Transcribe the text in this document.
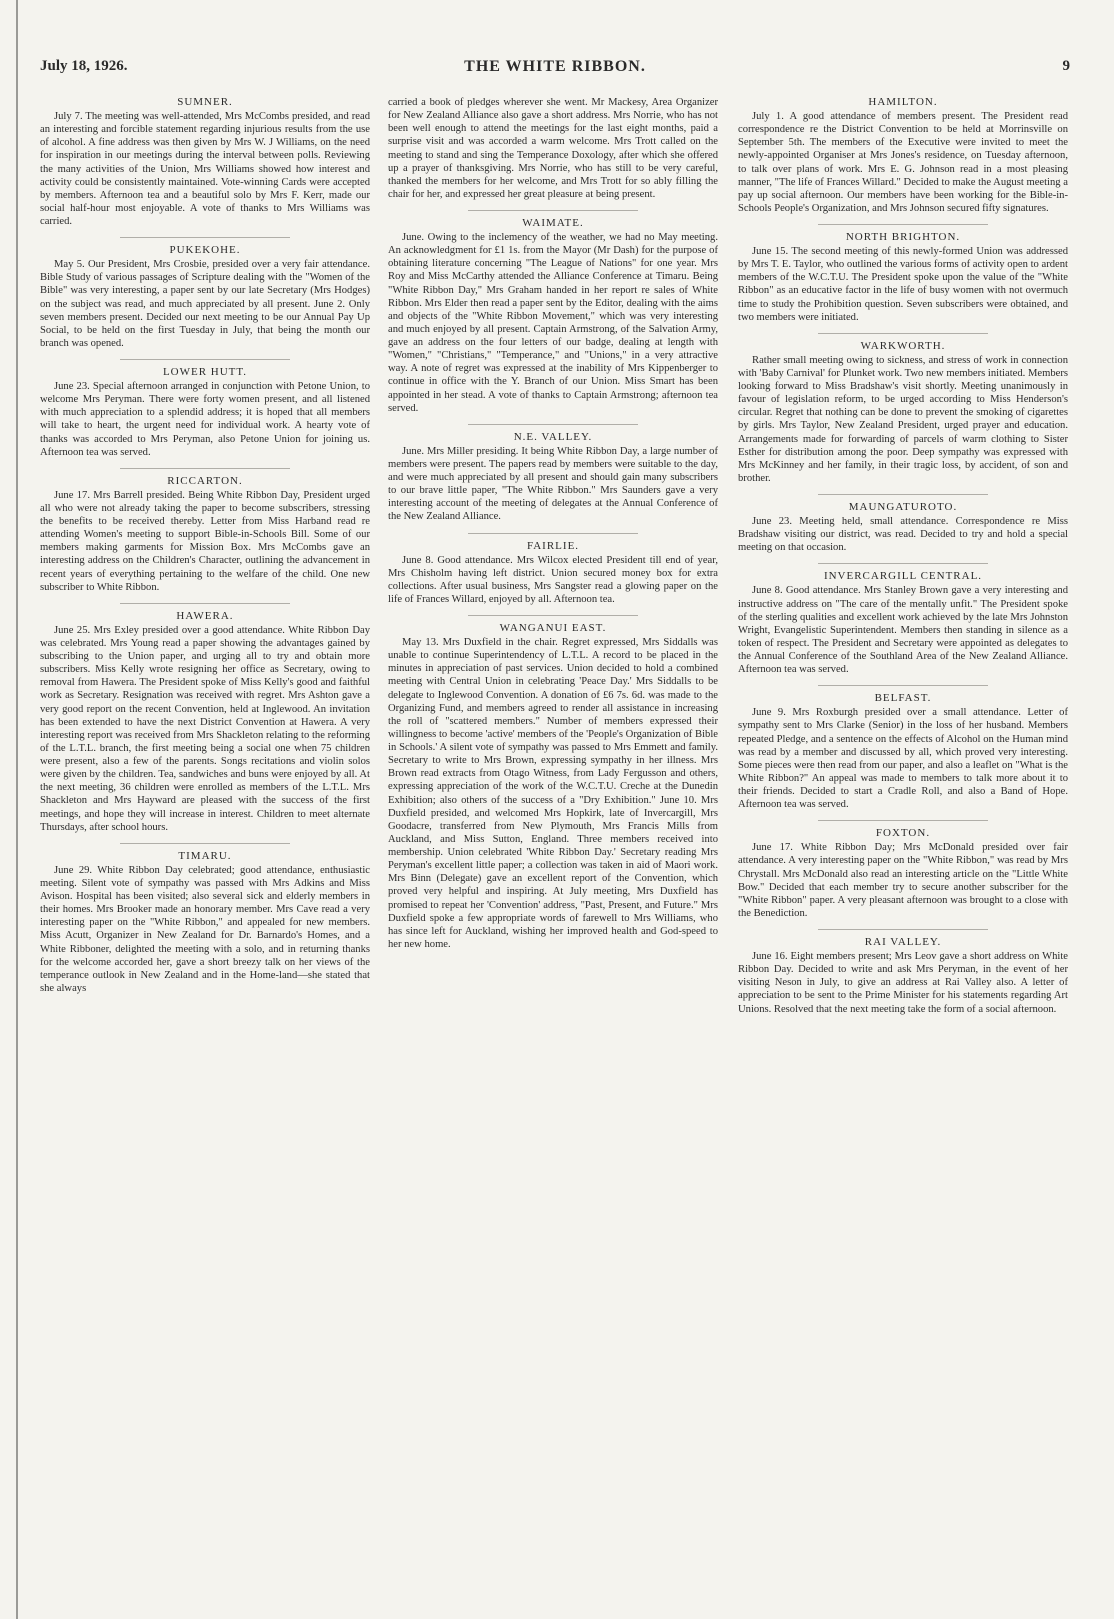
July 18, 1926.	THE WHITE RIBBON.	9
SUMNER.

July 7. The meeting was well-attended, Mrs McCombs presided, and read an interesting and forcible statement regarding injurious results from the use of alcohol. A fine address was then given by Mrs W. J Williams, on the need for inspiration in our meetings during the interval between polls. Reviewing the many activities of the Union, Mrs Williams showed how interest and activity could be consistently maintained. Vote-winning Cards were accepted by members. Afternoon tea and a beautiful solo by Mrs F. Kerr, made our social half-hour most enjoyable. A vote of thanks to Mrs Williams was carried.

PUKEKOHE.

May 5. Our President, Mrs Crosbie, presided over a very fair attendance. Bible Study of various passages of Scripture dealing with the "Women of the Bible" was very interesting, a paper sent by our late Secretary (Mrs Hodges) on the subject was read, and much appreciated by all present. June 2. Only seven members present. Decided our next meeting to be our Annual Pay Up Social, to be held on the first Tuesday in July, that being the month our branch was opened.

LOWER HUTT.

June 23. Special afternoon arranged in conjunction with Petone Union, to welcome Mrs Peryman. There were forty women present, and all listened with much appreciation to a splendid address; it is hoped that all members will take to heart, the urgent need for individual work. A hearty vote of thanks was accorded to Mrs Peryman, also Petone Union for joining us. Afternoon tea was served.

RICCARTON.

June 17. Mrs Barrell presided. Being White Ribbon Day, President urged all who were not already taking the paper to become subscribers, stressing the benefits to be received thereby. Letter from Miss Harband read re attending Women's meeting to support Bible-in-Schools Bill. Some of our members making garments for Mission Box. Mrs McCombs gave an interesting address on the Children's Character, outlining the advancement in recent years of everything pertaining to the welfare of the child. One new subscriber to White Ribbon.

HAWERA.

June 25. Mrs Exley presided over a good attendance. White Ribbon Day was celebrated. Mrs Young read a paper showing the advantages gained by subscribing to the Union paper, and urging all to try and obtain more subscribers. Miss Kelly wrote resigning her office as Secretary, owing to removal from Hawera. The President spoke of Miss Kelly's good and faithful work as Secretary. Resignation was received with regret. Mrs Ashton gave a very good report on the recent Convention, held at Inglewood. An invitation has been extended to have the next District Convention at Hawera. A very interesting report was received from Mrs Shackleton relating to the reforming of the L.T.L. branch, the first meeting being a social one when 75 children were present, also a few of the parents. Songs recitations and violin solos were given by the children. Tea, sandwiches and buns were enjoyed by all. At the next meeting, 36 children were enrolled as members of the L.T.L. Mrs Shackleton and Mrs Hayward are pleased with the success of the first meetings, and hope they will increase in interest. Children to meet alternate Thursdays, after school hours.

TIMARU.

June 29. White Ribbon Day celebrated; good attendance, enthusiastic meeting. Silent vote of sympathy was passed with Mrs Adkins and Miss Avison. Hospital has been visited; also several sick and elderly members in their homes. Mrs Brooker made an honorary member. Mrs Cave read a very interesting paper on the "White Ribbon," and appealed for new members. Miss Acutt, Organizer in New Zealand for Dr. Barnardo's Homes, and a White Ribboner, delighted the meeting with a solo, and in returning thanks for the welcome accorded her, gave a short breezy talk on her views of the temperance outlook in New Zealand and in the Home-land—she stated that she always

carried a book of pledges wherever she went. Mr Mackesy, Area Organizer for New Zealand Alliance also gave a short address. Mrs Norrie, who has not been well enough to attend the meetings for the last eight months, paid a surprise visit and was accorded a warm welcome. Mrs Trott called on the meeting to stand and sing the Temperance Doxology, after which she offered up a prayer of thanksgiving. Mrs Norrie, who has still to be very careful, thanked the members for her welcome, and Mrs Trott for so ably filling the chair for her, and expressed her great pleasure at being present.

WAIMATE.

June. Owing to the inclemency of the weather, we had no May meeting. An acknowledgment for £1 1s. from the Mayor (Mr Dash) for the purpose of obtaining literature concerning "The League of Nations" for one year. Mrs Roy and Miss McCarthy attended the Alliance Conference at Timaru. Being "White Ribbon Day," Mrs Graham handed in her report re sales of White Ribbon. Mrs Elder then read a paper sent by the Editor, dealing with the aims and objects of the "White Ribbon Movement," which was very interesting and much enjoyed by all present. Captain Armstrong, of the Salvation Army, gave an address on the four letters of our badge, dealing at length with "Women," "Christians," "Temperance," and "Unions," in a very attractive way. A note of regret was expressed at the inability of Mrs Kippenberger to continue in office with the Y. Branch of our Union. Miss Smart has been appointed in her stead. A vote of thanks to Captain Armstrong; afternoon tea served.

N.E. VALLEY.

June. Mrs Miller presiding. It being White Ribbon Day, a large number of members were present. The papers read by members were suitable to the day, and were much appreciated by all present and should gain many subscribers to our brave little paper, "The White Ribbon." Mrs Saunders gave a very interesting account of the meeting of delegates at the Annual Conference of the New Zealand Alliance.

FAIRLIE.

June 8. Good attendance. Mrs Wilcox elected President till end of year, Mrs Chisholm having left district. Union secured money box for extra collections. After usual business, Mrs Sangster read a glowing paper on the life of Frances Willard, enjoyed by all. Afternoon tea.

WANGANUI EAST.

May 13. Mrs Duxfield in the chair. Regret expressed, Mrs Siddalls was unable to continue Superintendency of L.T.L. A record to be placed in the minutes in appreciation of past services. Union decided to hold a combined meeting with Central Union in celebrating 'Peace Day.' Mrs Siddalls to be delegate to Inglewood Convention. A donation of £6 7s. 6d. was made to the Organizing Fund, and members agreed to render all assistance in increasing the roll of "scattered members." Number of members expressed their willingness to become 'active' members of the 'People's Organization of Bible in Schools.' A silent vote of sympathy was passed to Mrs Emmett and family. Secretary to write to Mrs Brown, expressing sympathy in her illness. Mrs Brown read extracts from Otago Witness, from Lady Fergusson and others, expressing appreciation of the work of the W.C.T.U. Creche at the Dunedin Exhibition; also others of the success of a "Dry Exhibition." June 10. Mrs Duxfield presided, and welcomed Mrs Hopkirk, late of Invercargill, Mrs Goodacre, transferred from New Plymouth, Mrs Francis Mills from Auckland, and Miss Sutton, England. Three members received into membership. Union celebrated 'White Ribbon Day.' Secretary reading Mrs Peryman's excellent little paper; a collection was taken in aid of Maori work. Mrs Binn (Delegate) gave an excellent report of the Convention, which proved very helpful and inspiring. At July meeting, Mrs Duxfield has promised to repeat her 'Convention' address, "Past, Present, and Future." Mrs Duxfield spoke a few appropriate words of farewell to Mrs Williams, who has since left for Auckland, wishing her improved health and God-speed to her new home.

HAMILTON.

July 1. A good attendance of members present. The President read correspondence re the District Convention to be held at Morrinsville on September 5th. The members of the Executive were invited to meet the newly-appointed Organiser at Mrs Jones's residence, on Tuesday afternoon, to talk over plans of work. Mrs E. G. Johnson read in a most pleasing manner, "The life of Frances Willard." Decided to make the August meeting a pay up social afternoon. Our members have been working for the Bible-in-Schools People's Organization, and Mrs Johnson secured fifty signatures.

NORTH BRIGHTON.

June 15. The second meeting of this newly-formed Union was addressed by Mrs T. E. Taylor, who outlined the various forms of activity open to ardent members of the W.C.T.U. The President spoke upon the value of the "White Ribbon" as an educative factor in the life of busy women with not overmuch time to study the Prohibition question. Seven subscribers were obtained, and two members were initiated.

WARKWORTH.

Rather small meeting owing to sickness, and stress of work in connection with 'Baby Carnival' for Plunket work. Two new members initiated. Members looking forward to Miss Bradshaw's visit shortly. Meeting unanimously in favour of legislation reform, to be urged according to Miss Henderson's circular. Regret that nothing can be done to prevent the smoking of cigarettes by girls. Mrs Taylor, New Zealand President, urged prayer and education. Arrangements made for forwarding of parcels of warm clothing to Sister Esther for distribution among the poor. Deep sympathy was expressed with Mrs McKinney and her family, in their tragic loss, by accident, of son and brother.

MAUNGATUROTO.

June 23. Meeting held, small attendance. Correspondence re Miss Bradshaw visiting our district, was read. Decided to try and hold a special meeting on that occasion.

INVERCARGILL CENTRAL.

June 8. Good attendance. Mrs Stanley Brown gave a very interesting and instructive address on "The care of the mentally unfit." The President spoke of the sterling qualities and excellent work achieved by the late Mrs Johnston Wright, Evangelistic Superintendent. Members then standing in silence as a token of respect. The President and Secretary were appointed as delegates to the Annual Conference of the Southland Area of the New Zealand Alliance. Afternoon tea was served.

BELFAST.

June 9. Mrs Roxburgh presided over a small attendance. Letter of sympathy sent to Mrs Clarke (Senior) in the loss of her husband. Members repeated Pledge, and a sentence on the effects of Alcohol on the Human mind was read by a member and discussed by all, which proved very interesting. Some pieces were then read from our paper, and also a leaflet on "What is the White Ribbon?" An appeal was made to members to talk more about it to their friends. Decided to start a Cradle Roll, and also a Band of Hope. Afternoon tea was served.

FOXTON.

June 17. White Ribbon Day; Mrs McDonald presided over fair attendance. A very interesting paper on the "White Ribbon," was read by Mrs Chrystall. Mrs McDonald also read an interesting article on the "Little White Bow." Decided that each member try to secure another subscriber for the "White Ribbon" paper. A very pleasant afternoon was brought to a close with the Benediction.

RAI VALLEY.

June 16. Eight members present; Mrs Leov gave a short address on White Ribbon Day. Decided to write and ask Mrs Peryman, in the event of her visiting Neson in July, to give an address at Rai Valley also. A letter of appreciation to be sent to the Prime Minister for his statements regarding Art Unions. Resolved that the next meeting take the form of a social afternoon.
